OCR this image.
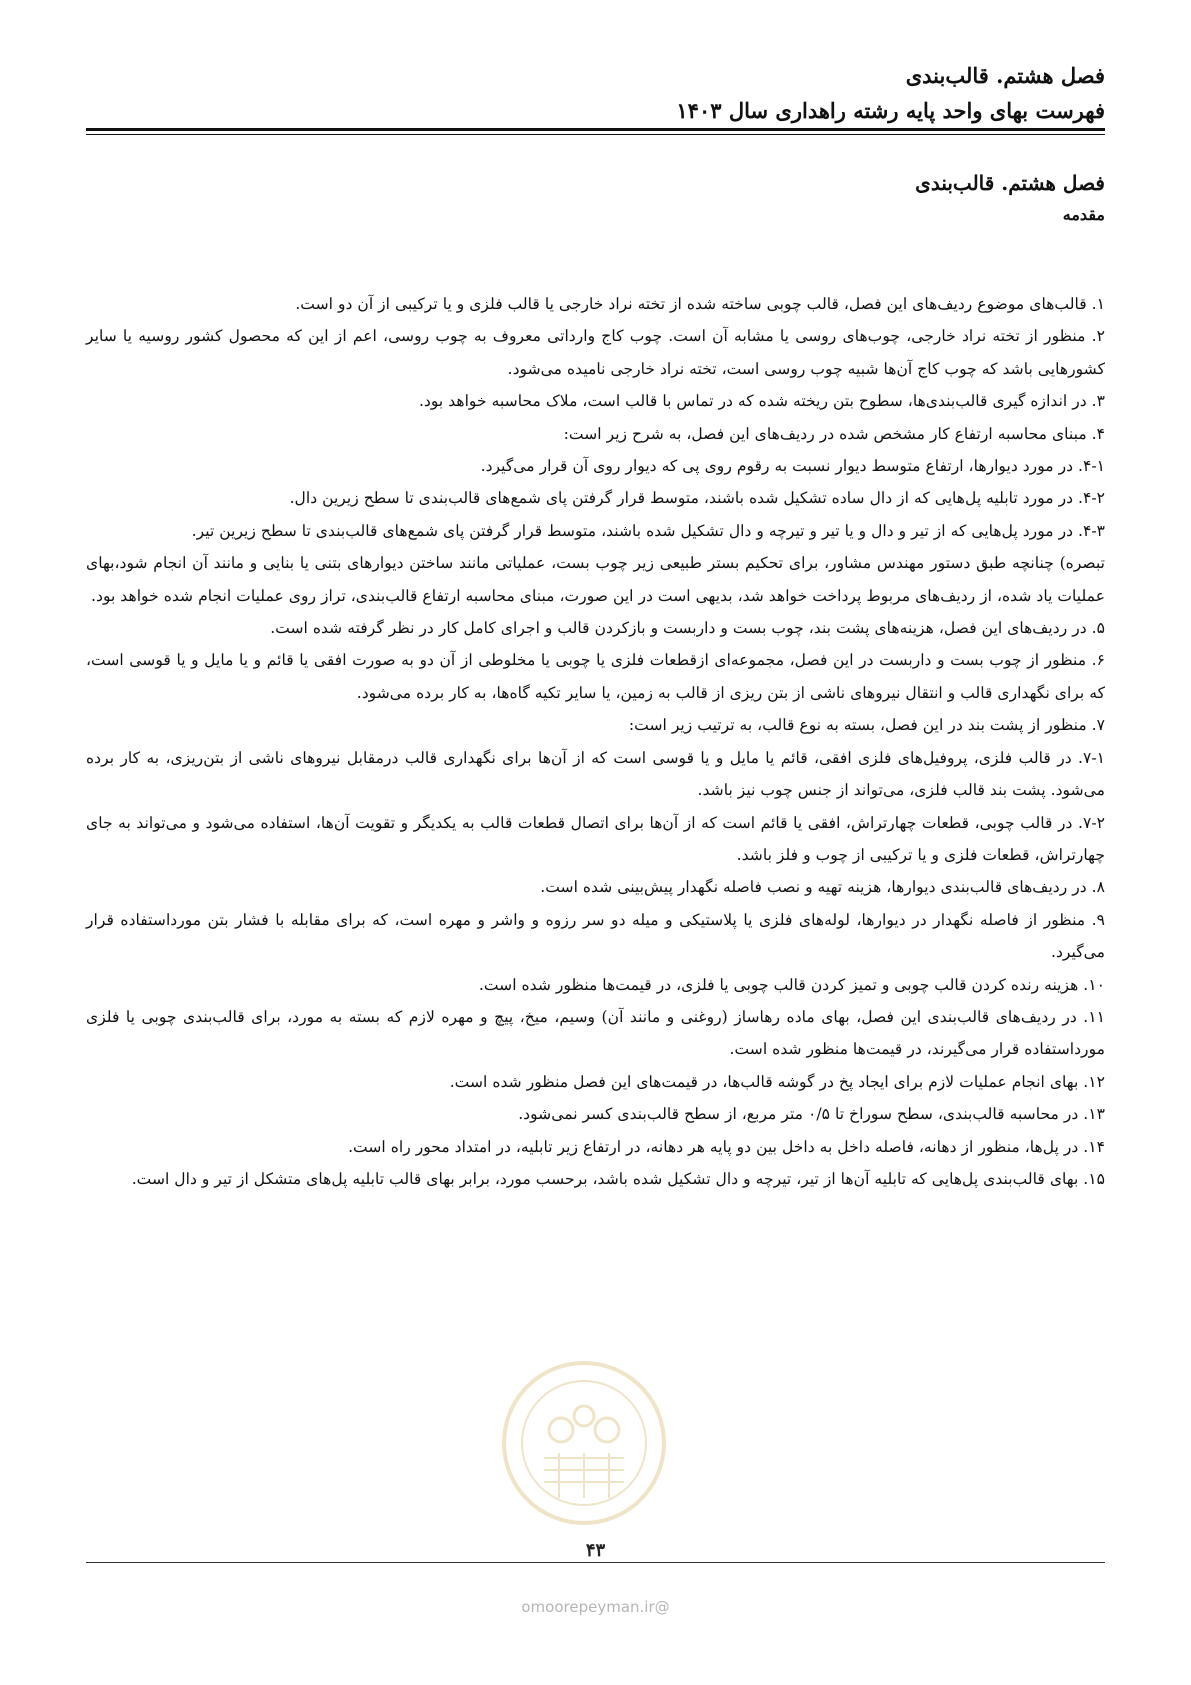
فصل هشتم. قالب‌بندی
فهرست بهای واحد پایه رشته راهداری سال ۱۴۰۳
فصل هشتم. قالب‌بندی
مقدمه

۱. قالب‌های موضوع ردیف‌های این فصل، قالب چوبی ساخته شده از تخته نراد خارجی یا قالب فلزی و یا ترکیبی از آن دو است.

۲. منظور از تخته نراد خارجی، چوب‌های روسی یا مشابه آن است. چوب کاج وارداتی معروف به چوب روسی، اعم از این که محصول کشور روسیه یا سایر کشورهایی باشد که چوب کاج آن‌ها شبیه چوب روسی است، تخته نراد خارجی نامیده می‌شود.

۳. در اندازه گیری قالب‌بندی‌ها، سطوح بتن ریخته شده که در تماس با قالب است، ملاک محاسبه خواهد بود.

۴. مبنای محاسبه ارتفاع کار مشخص شده در ردیف‌های این فصل، به شرح زیر است:

۴-۱. در مورد دیوارها، ارتفاع متوسط دیوار نسبت به رقوم روی پی که دیوار روی آن قرار می‌گیرد.

۴-۲. در مورد تابلیه پل‌هایی که از دال ساده تشکیل شده باشند، متوسط قرار گرفتن پای شمع‌های قالب‌بندی تا سطح زیرین دال.

۴-۳. در مورد پل‌هایی که از تیر و دال و یا تیر و تیرچه و دال تشکیل شده باشند، متوسط قرار گرفتن پای شمع‌های قالب‌بندی تا سطح زیرین تیر.

تبصره) چنانچه طبق دستور مهندس مشاور، برای تحکیم بستر طبیعی زیر چوب بست، عملیاتی مانند ساختن دیوارهای بتنی یا بنایی و مانند آن انجام شود،بهای عملیات یاد شده، از ردیف‌های مربوط پرداخت خواهد شد، بدیهی است در این صورت، مبنای محاسبه ارتفاع قالب‌بندی، تراز روی عملیات انجام شده خواهد بود.

۵. در ردیف‌های این فصل، هزینه‌های پشت بند، چوب بست و داربست و بازکردن قالب و اجرای کامل کار در نظر گرفته شده است.

۶. منظور از چوب بست و داربست در این فصل، مجموعه‌ای ازقطعات فلزی یا چوبی یا مخلوطی از آن دو به صورت افقی یا قائم و یا مایل و یا قوسی است، که برای نگهداری قالب و انتقال نیروهای ناشی از بتن ریزی از قالب به زمین، یا سایر تکیه گاه‌ها، به کار برده می‌شود.

۷. منظور از پشت بند در این فصل، بسته به نوع قالب، به ترتیب زیر است:

۷-۱. در قالب فلزی، پروفیل‌های فلزی افقی، قائم یا مایل و یا قوسی است که از آن‌ها برای نگهداری قالب درمقابل نیروهای ناشی از بتن‌ریزی، به کار برده می‌شود. پشت بند قالب فلزی، می‌تواند از جنس چوب نیز باشد.

۷-۲. در قالب چوبی، قطعات چهارتراش، افقی یا قائم است که از آن‌ها برای اتصال قطعات قالب به یکدیگر و تقویت آن‌ها، استفاده می‌شود و می‌تواند به جای چهارتراش، قطعات فلزی و یا ترکیبی از چوب و فلز باشد.

۸. در ردیف‌های قالب‌بندی دیوارها، هزینه تهیه و نصب فاصله نگهدار پیش‌بینی شده است.

۹. منظور از فاصله نگهدار در دیوارها، لوله‌های فلزی یا پلاستیکی و میله دو سر رزوه و واشر و مهره است، که برای مقابله با فشار بتن مورداستفاده قرار می‌گیرد.

۱۰. هزینه رنده کردن قالب چوبی و تمیز کردن قالب چوبی یا فلزی، در قیمت‌ها منظور شده است.

۱۱. در ردیف‌های قالب‌بندی این فصل، بهای ماده رهاساز (روغنی و مانند آن) وسیم، میخ، پیچ و مهره لازم که بسته به مورد، برای قالب‌بندی چوبی یا فلزی مورداستفاده قرار می‌گیرند، در قیمت‌ها منظور شده است.

۱۲. بهای انجام عملیات لازم برای ایجاد پخ در گوشه قالب‌ها، در قیمت‌های این فصل منظور شده است.

۱۳. در محاسبه قالب‌بندی، سطح سوراخ تا ۰/۵ متر مربع، از سطح قالب‌بندی کسر نمی‌شود.

۱۴. در پل‌ها، منظور از دهانه، فاصله داخل به داخل بین دو پایه هر دهانه، در ارتفاع زیر تابلیه، در امتداد محور راه است.

۱۵. بهای قالب‌بندی پل‌هایی که تابلیه آن‌ها از تیر، تیرچه و دال تشکیل شده باشد، برحسب مورد، برابر بهای قالب تابلیه پل‌های متشکل از تیر و دال است.

۴۳
@omoorepeyman.ir
